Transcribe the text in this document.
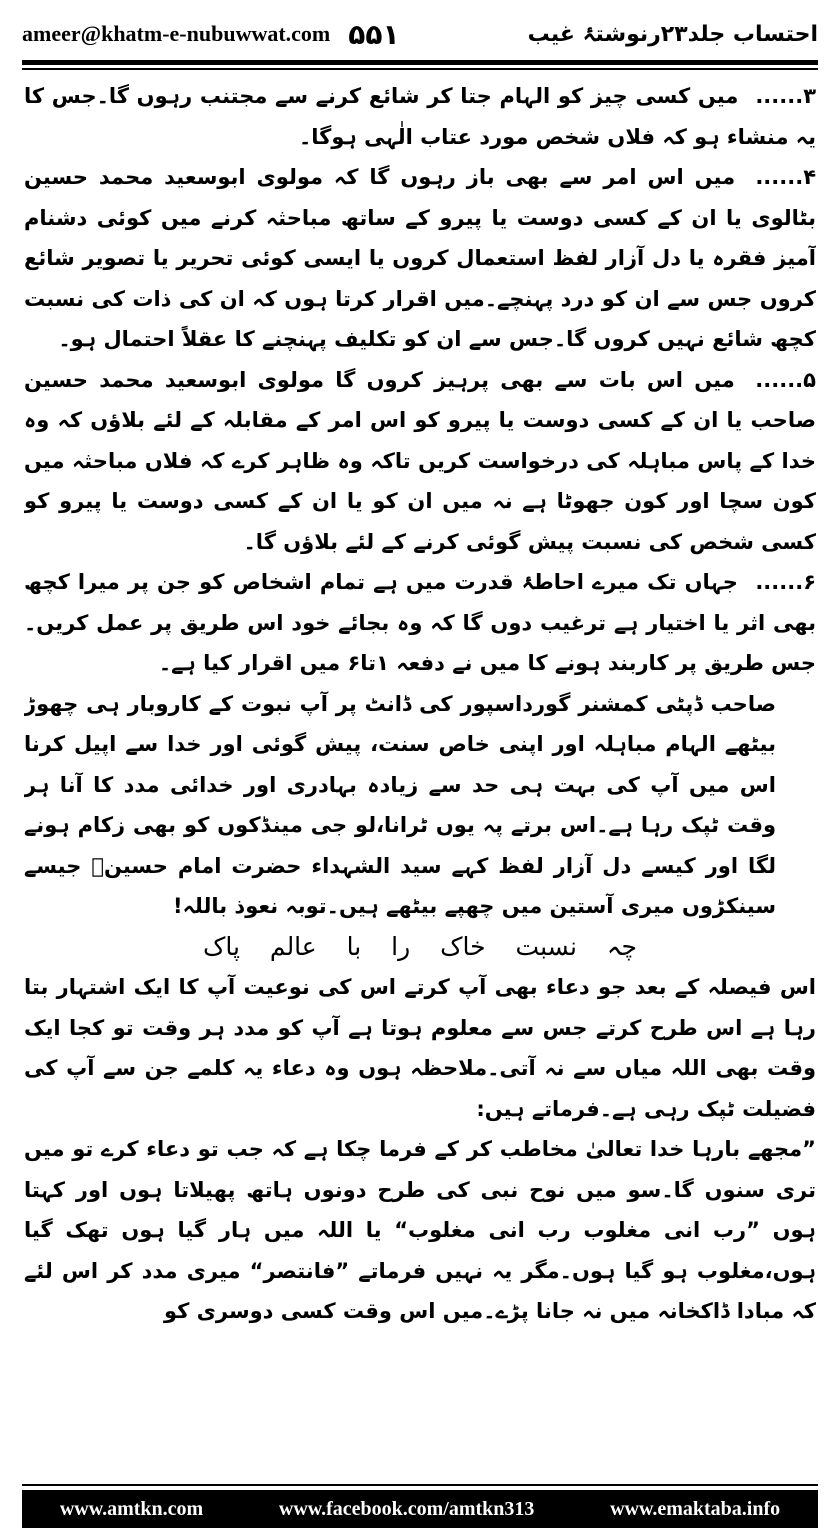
ameer@khatm-e-nubuwwat.com ۵۵۱	احتساب جلد۲۳رنوشتۂ غیب

۳...... میں کسی چیز کو الہام جتا کر شائع کرنے سے مجتنب رہوں گا۔جس کا یہ منشاء ہو کہ فلاں شخص مورد عتاب الٰہی ہوگا۔

۴...... میں اس امر سے بھی باز رہوں گا کہ مولوی ابوسعید محمد حسین بٹالوی یا ان کے کسی دوست یا پیرو کے ساتھ مباحثہ کرنے میں کوئی دشنام آمیز فقرہ یا دل آزار لفظ استعمال کروں یا ایسی کوئی تحریر یا تصویر شائع کروں جس سے ان کو درد پہنچے۔میں اقرار کرتا ہوں کہ ان کی ذات کی نسبت کچھ شائع نہیں کروں گا۔جس سے ان کو تکلیف پہنچنے کا عقلاً احتمال ہو۔

۵...... میں اس بات سے بھی پرہیز کروں گا مولوی ابوسعید محمد حسین صاحب یا ان کے کسی دوست یا پیرو کو اس امر کے مقابلہ کے لئے بلاؤں کہ وہ خدا کے پاس مباہلہ کی درخواست کریں تاکہ وہ ظاہر کرے کہ فلاں مباحثہ میں کون سچا اور کون جھوٹا ہے نہ میں ان کو یا ان کے کسی دوست یا پیرو کو کسی شخص کی نسبت پیش گوئی کرنے کے لئے بلاؤں گا۔

۶...... جہاں تک میرے احاطۂ قدرت میں ہے تمام اشخاص کو جن پر میرا کچھ بھی اثر یا اختیار ہے ترغیب دوں گا کہ وہ بجائے خود اس طریق پر عمل کریں۔جس طریق پر کاربند ہونے کا میں نے دفعہ ۱تا۶ میں اقرار کیا ہے۔

صاحب ڈپٹی کمشنر گورداسپور کی ڈانٹ پر آپ نبوت کے کاروبار ہی چھوڑ بیٹھے الہام مباہلہ اور اپنی خاص سنت، پیش گوئی اور خدا سے اپیل کرنا اس میں آپ کی بہت ہی حد سے زیادہ بہادری اور خدائی مدد کا آنا ہر وقت ٹپک رہا ہے۔اس برتے پہ یوں ٹرانا،لو جی مینڈکوں کو بھی زکام ہونے لگا اور کیسے دل آزار لفظ کہے سید الشہداء حضرت امام حسینؓ جیسے سینکڑوں میری آستین میں چھپے بیٹھے ہیں۔توبہ نعوذ باللہ!

چہ نسبت خاک را با عالم پاک

اس فیصلہ کے بعد جو دعاء بھی آپ کرتے اس کی نوعیت آپ کا ایک اشتہار بتا رہا ہے اس طرح کرتے جس سے معلوم ہوتا ہے آپ کو مدد ہر وقت تو کجا ایک وقت بھی اللہ میاں سے نہ آتی۔ملاحظہ ہوں وہ دعاء یہ کلمے جن سے آپ کی فضیلت ٹپک رہی ہے۔فرماتے ہیں:

”مجھے بارہا خدا تعالیٰ مخاطب کر کے فرما چکا ہے کہ جب تو دعاء کرے تو میں تری سنوں گا۔سو میں نوح نبی کی طرح دونوں ہاتھ پھیلاتا ہوں اور کہتا ہوں ”رب انی مغلوب رب انی مغلوب“ یا اللہ میں ہار گیا ہوں تھک گیا ہوں،مغلوب ہو گیا ہوں۔مگر یہ نہیں فرماتے ”فانتصر“ میری مدد کر اس لئے کہ مبادا ڈاکخانہ میں نہ جانا پڑے۔میں اس وقت کسی دوسری کو

www.amtkn.com	www.facebook.com/amtkn313	www.emaktaba.info
